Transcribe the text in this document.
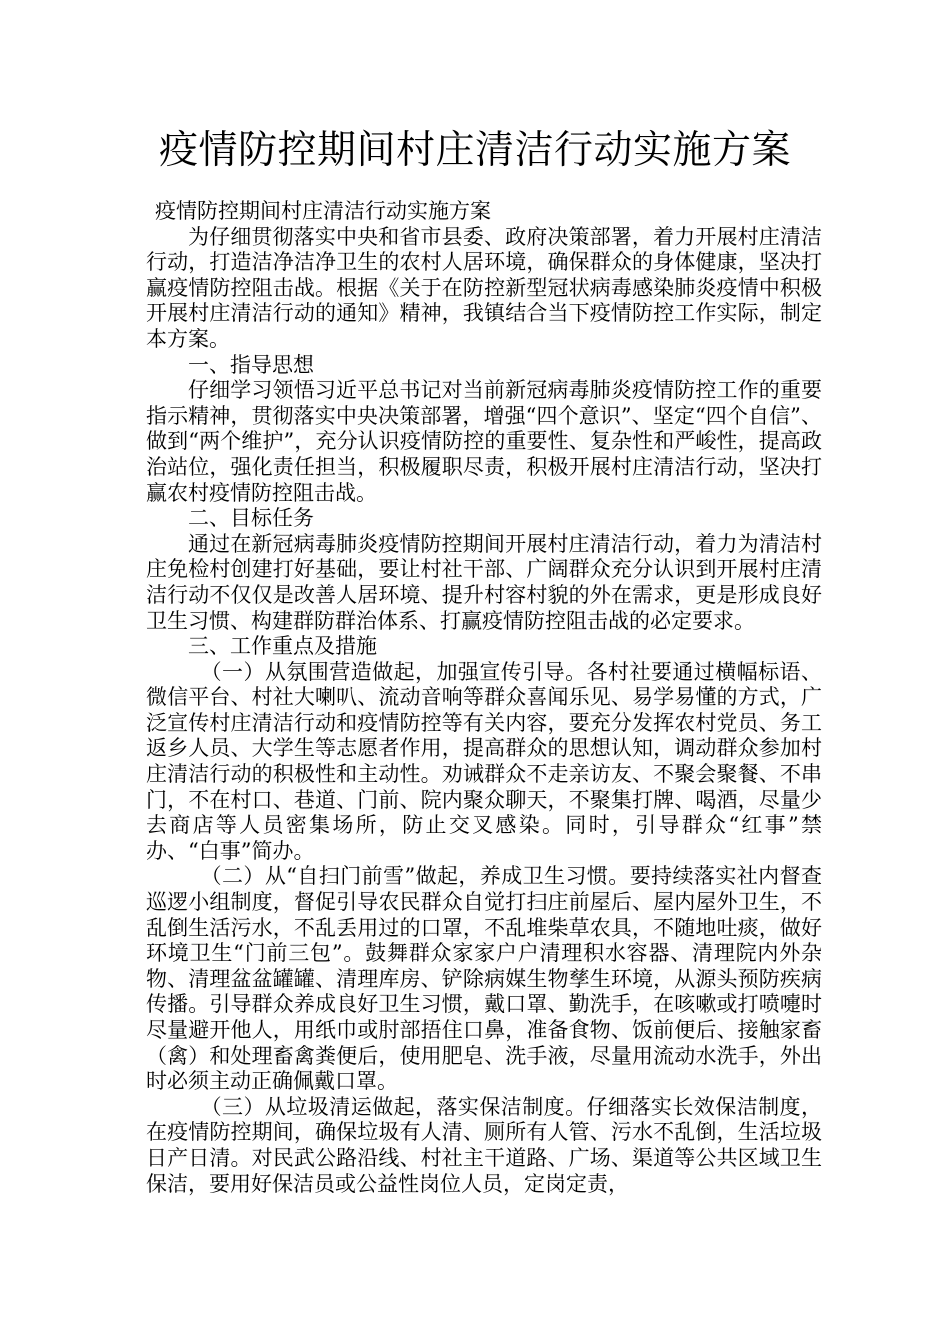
疫情防控期间村庄清洁行动实施方案

疫情防控期间村庄清洁行动实施方案

为仔细贯彻落实中央和省市县委、政府决策部署，着力开展村庄清洁行动，打造洁净洁净卫生的农村人居环境，确保群众的身体健康，坚决打赢疫情防控阻击战。根据《关于在防控新型冠状病毒感染肺炎疫情中积极开展村庄清洁行动的通知》精神，我镇结合当下疫情防控工作实际，制定本方案。

一、指导思想

仔细学习领悟习近平总书记对当前新冠病毒肺炎疫情防控工作的重要指示精神，贯彻落实中央决策部署，增强“四个意识”、坚定“四个自信”、做到“两个维护”，充分认识疫情防控的重要性、复杂性和严峻性，提高政治站位，强化责任担当，积极履职尽责，积极开展村庄清洁行动，坚决打赢农村疫情防控阻击战。

二、目标任务

通过在新冠病毒肺炎疫情防控期间开展村庄清洁行动，着力为清洁村庄免检村创建打好基础，要让村社干部、广阔群众充分认识到开展村庄清洁行动不仅仅是改善人居环境、提升村容村貌的外在需求，更是形成良好卫生习惯、构建群防群治体系、打赢疫情防控阻击战的必定要求。

三、工作重点及措施

（一）从氛围营造做起，加强宣传引导。各村社要通过横幅标语、微信平台、村社大喇叭、流动音响等群众喜闻乐见、易学易懂的方式，广泛宣传村庄清洁行动和疫情防控等有关内容，要充分发挥农村党员、务工返乡人员、大学生等志愿者作用，提高群众的思想认知，调动群众参加村庄清洁行动的积极性和主动性。劝诫群众不走亲访友、不聚会聚餐、不串门，不在村口、巷道、门前、院内聚众聊天，不聚集打牌、喝酒，尽量少去商店等人员密集场所，防止交叉感染。同时，引导群众“红事”禁办、“白事”简办。

（二）从“自扫门前雪”做起，养成卫生习惯。要持续落实社内督查巡逻小组制度，督促引导农民群众自觉打扫庄前屋后、屋内屋外卫生，不乱倒生活污水，不乱丢用过的口罩，不乱堆柴草农具，不随地吐痰，做好环境卫生“门前三包”。鼓舞群众家家户户清理积水容器、清理院内外杂物、清理盆盆罐罐、清理库房、铲除病媒生物孳生环境，从源头预防疾病传播。引导群众养成良好卫生习惯，戴口罩、勤洗手，在咳嗽或打喷嚏时尽量避开他人，用纸巾或肘部捂住口鼻，准备食物、饭前便后、接触家畜（禽）和处理畜禽粪便后，使用肥皂、洗手液，尽量用流动水洗手，外出时必须主动正确佩戴口罩。

（三）从垃圾清运做起，落实保洁制度。仔细落实长效保洁制度，在疫情防控期间，确保垃圾有人清、厕所有人管、污水不乱倒，生活垃圾日产日清。对民武公路沿线、村社主干道路、广场、渠道等公共区域卫生保洁，要用好保洁员或公益性岗位人员，定岗定责，
